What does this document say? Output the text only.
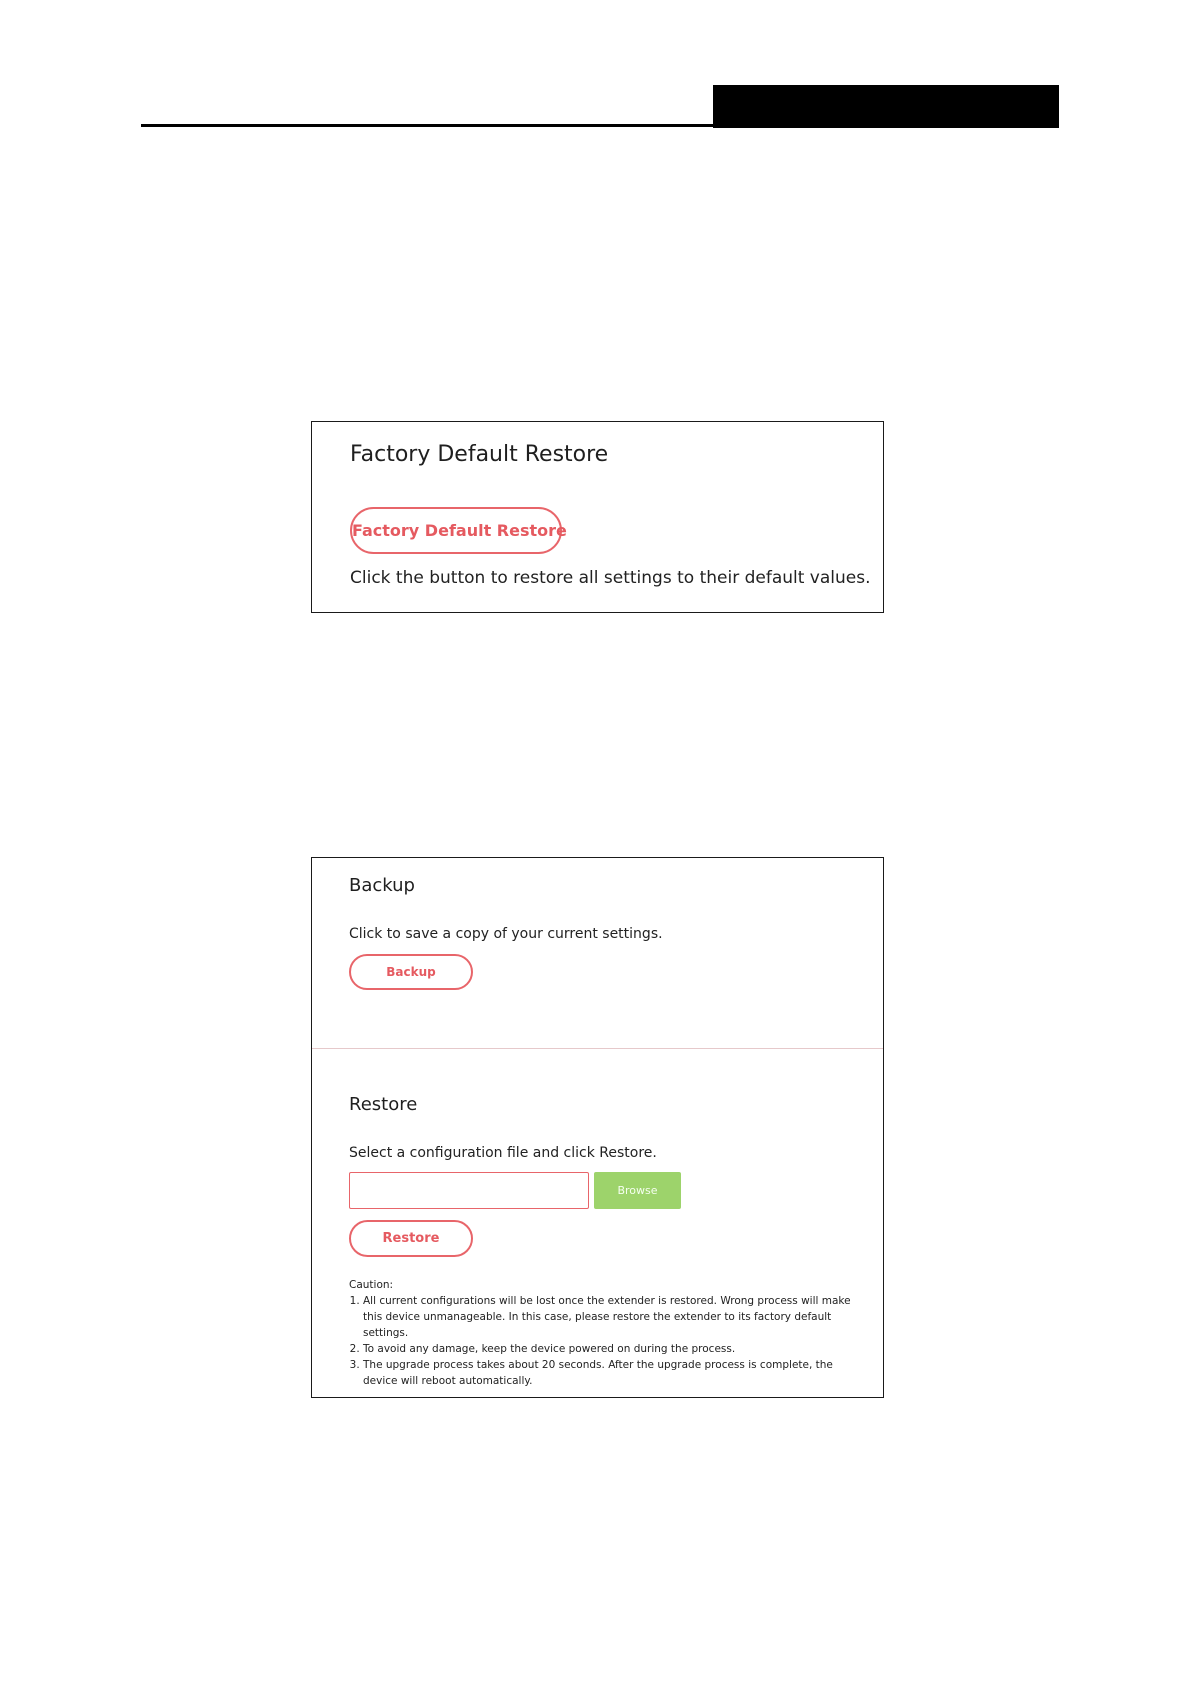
Factory Default Restore
Factory Default Restore
Click the button to restore all settings to their default values.
Backup
Click to save a copy of your current settings.
Backup
Restore
Select a configuration file and click Restore.
Browse
Restore
Caution:
1. All current configurations will be lost once the extender is restored. Wrong process will make this device unmanageable. In this case, please restore the extender to its factory default settings.
2. To avoid any damage, keep the device powered on during the process.
3. The upgrade process takes about 20 seconds. After the upgrade process is complete, the device will reboot automatically.
